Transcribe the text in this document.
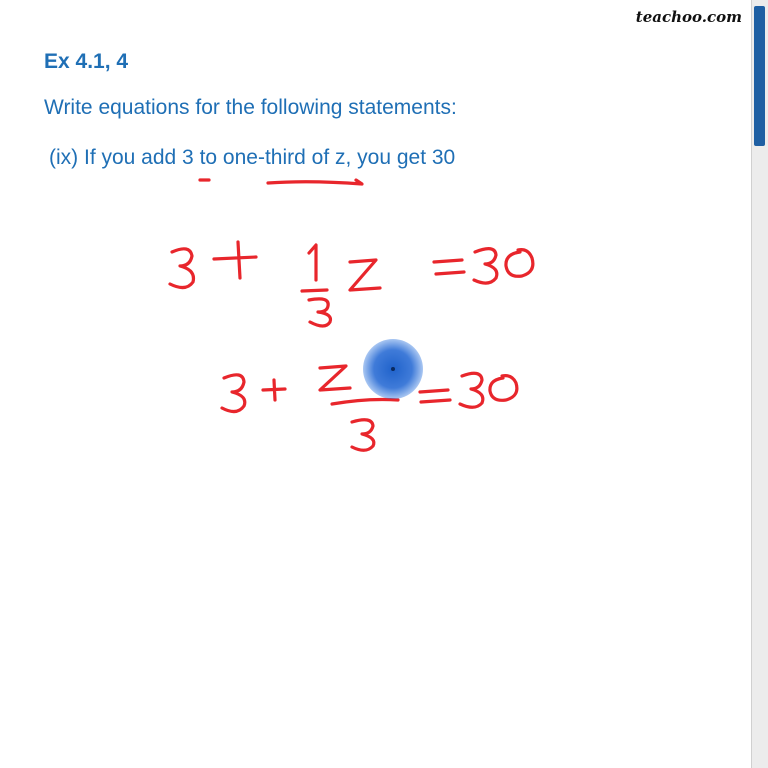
teachoo.com
Ex 4.1, 4
Write equations for the following statements:
(ix) If you add 3 to one-third of z, you get 30
